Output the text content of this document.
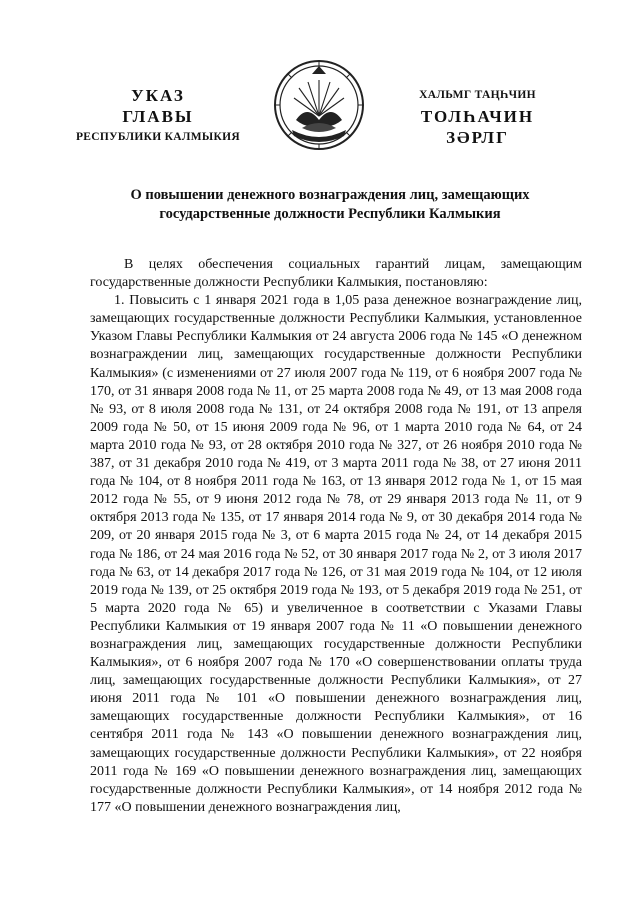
УКАЗ
ГЛАВЫ
РЕСПУБЛИКИ КАЛМЫКИЯ
ХАЛЬМГ ТАҢҺЧИН
ТОЛҺАЧИН
ЗӘРЛГ
О повышении денежного вознаграждения лиц, замещающих
государственные должности Республики Калмыкия

В целях обеспечения социальных гарантий лицам, замещающим государственные должности Республики Калмыкия, постановляю:

1. Повысить с 1 января 2021 года в 1,05 раза денежное вознаграждение лиц, замещающих государственные должности Республики Калмыкия, установленное Указом Главы Республики Калмыкия от 24 августа 2006 года № 145 «О денежном вознаграждении лиц, замещающих государственные должности Республики Калмыкия» (с изменениями от 27 июля 2007 года № 119, от 6 ноября 2007 года № 170, от 31 января 2008 года № 11, от 25 марта 2008 года № 49, от 13 мая 2008 года № 93, от 8 июля 2008 года № 131, от 24 октября 2008 года № 191, от 13 апреля 2009 года № 50, от 15 июня 2009 года № 96, от 1 марта 2010 года № 64, от 24 марта 2010 года № 93, от 28 октября 2010 года № 327, от 26 ноября 2010 года № 387, от 31 декабря 2010 года № 419, от 3 марта 2011 года № 38, от 27 июня 2011 года № 104, от 8 ноября 2011 года № 163, от 13 января 2012 года № 1, от 15 мая 2012 года № 55, от 9 июня 2012 года № 78, от 29 января 2013 года № 11, от 9 октября 2013 года № 135, от 17 января 2014 года № 9, от 30 декабря 2014 года № 209, от 20 января 2015 года № 3, от 6 марта 2015 года № 24, от 14 декабря 2015 года № 186, от 24 мая 2016 года № 52, от 30 января 2017 года № 2, от 3 июля 2017 года № 63, от 14 декабря 2017 года № 126, от 31 мая 2019 года № 104, от 12 июля 2019 года № 139, от 25 октября 2019 года № 193, от 5 декабря 2019 года № 251, от 5 марта 2020 года № 65) и увеличенное в соответствии с Указами Главы Республики Калмыкия от 19 января 2007 года № 11 «О повышении денежного вознаграждения лиц, замещающих государственные должности Республики Калмыкия», от 6 ноября 2007 года № 170 «О совершенствовании оплаты труда лиц, замещающих государственные должности Республики Калмыкия», от 27 июня 2011 года № 101 «О повышении денежного вознаграждения лиц, замещающих государственные должности Республики Калмыкия», от 16 сентября 2011 года № 143 «О повышении денежного вознаграждения лиц, замещающих государственные должности Республики Калмыкия», от 22 ноября 2011 года № 169 «О повышении денежного вознаграждения лиц, замещающих государственные должности Республики Калмыкия», от 14 ноября 2012 года № 177 «О повышении денежного вознаграждения лиц,
